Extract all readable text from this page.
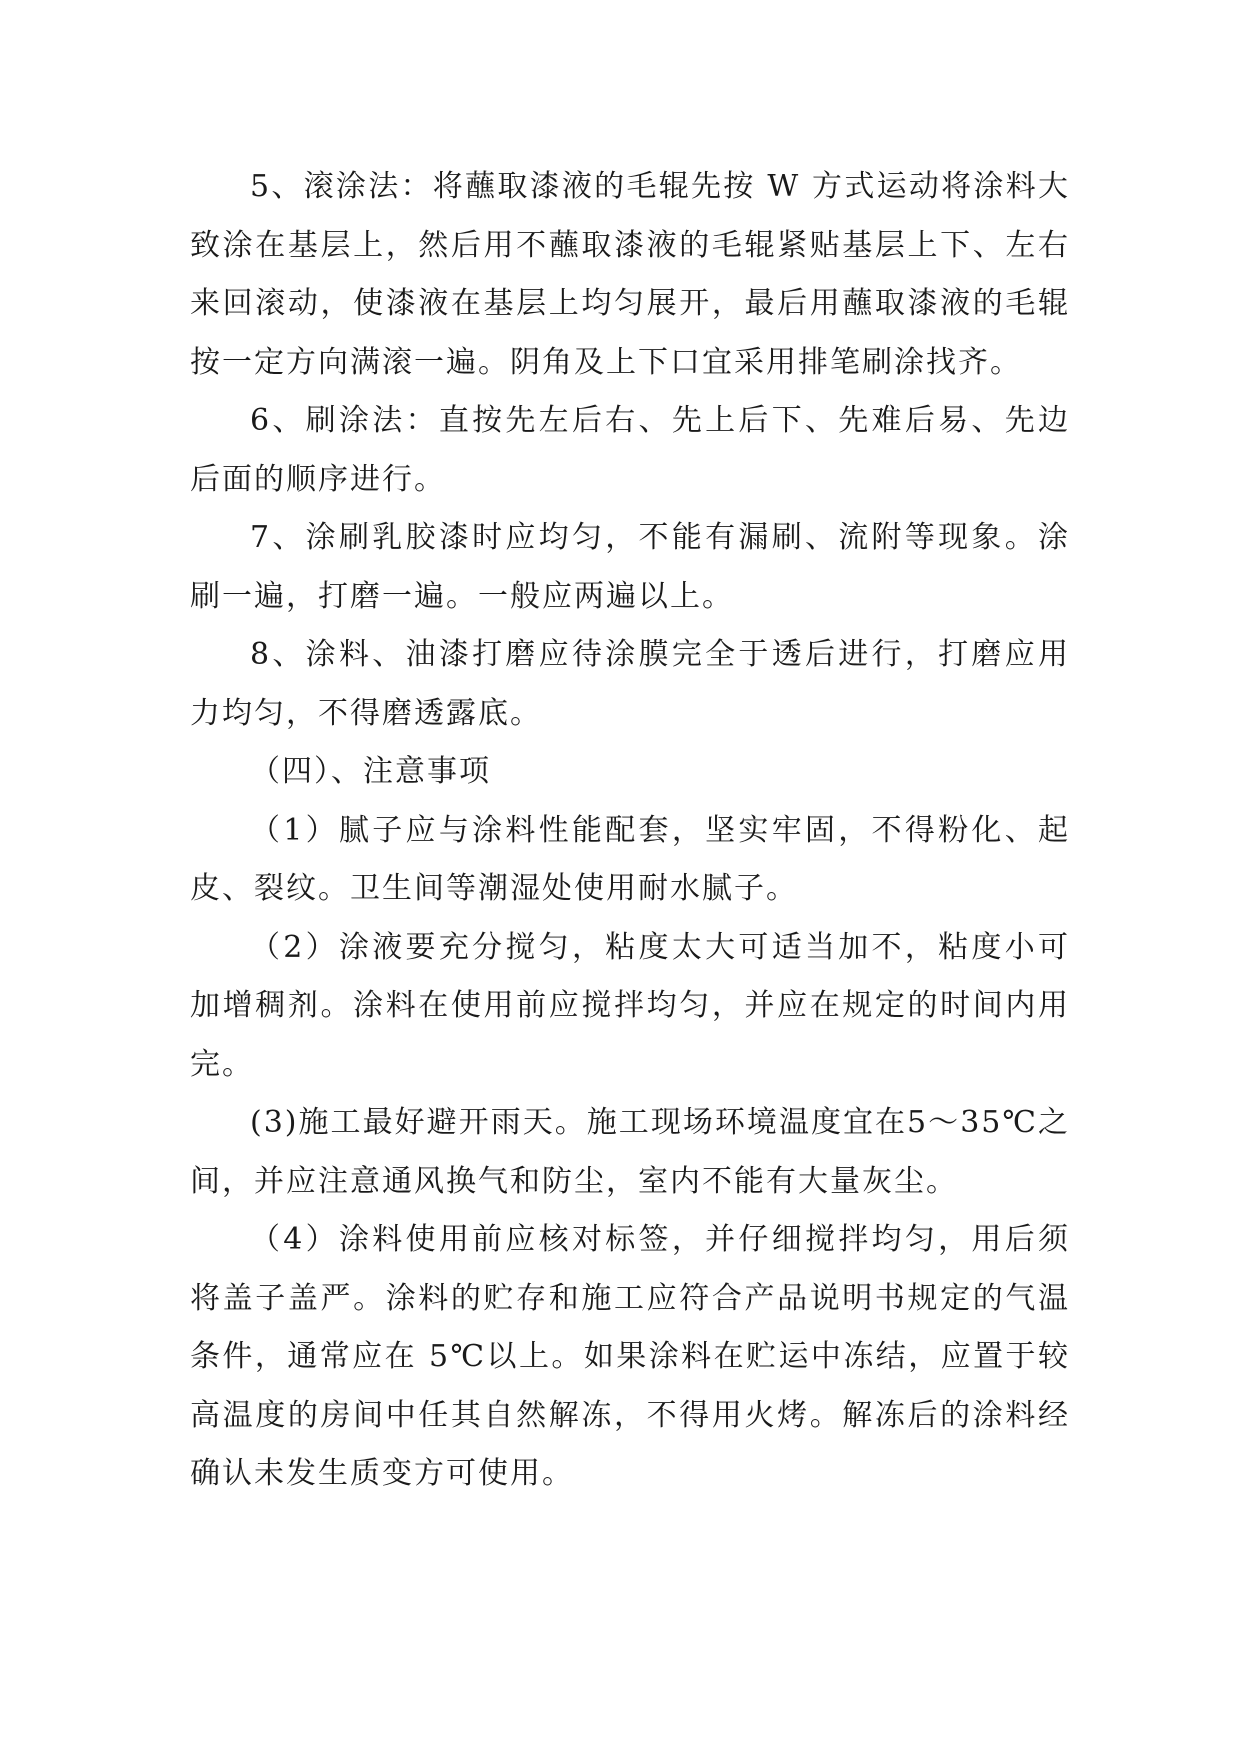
5、滚涂法：将蘸取漆液的毛辊先按 W 方式运动将涂料大致涂在基层上，然后用不蘸取漆液的毛辊紧贴基层上下、左右来回滚动，使漆液在基层上均匀展开，最后用蘸取漆液的毛辊按一定方向满滚一遍。阴角及上下口宜采用排笔刷涂找齐。

6、刷涂法：直按先左后右、先上后下、先难后易、先边后面的顺序进行。

7、涂刷乳胶漆时应均匀，不能有漏刷、流附等现象。涂刷一遍，打磨一遍。一般应两遍以上。

8、涂料、油漆打磨应待涂膜完全于透后进行，打磨应用力均匀，不得磨透露底。

（四）、注意事项

（1）腻子应与涂料性能配套，坚实牢固，不得粉化、起皮、裂纹。卫生间等潮湿处使用耐水腻子。

（2）涂液要充分搅匀，粘度太大可适当加不，粘度小可加增稠剂。涂料在使用前应搅拌均匀，并应在规定的时间内用完。

(3)施工最好避开雨天。施工现场环境温度宜在5～35℃之间，并应注意通风换气和防尘，室内不能有大量灰尘。

（4）涂料使用前应核对标签，并仔细搅拌均匀，用后须将盖子盖严。涂料的贮存和施工应符合产品说明书规定的气温条件，通常应在 5℃以上。如果涂料在贮运中冻结，应置于较高温度的房间中任其自然解冻，不得用火烤。解冻后的涂料经确认未发生质变方可使用。
